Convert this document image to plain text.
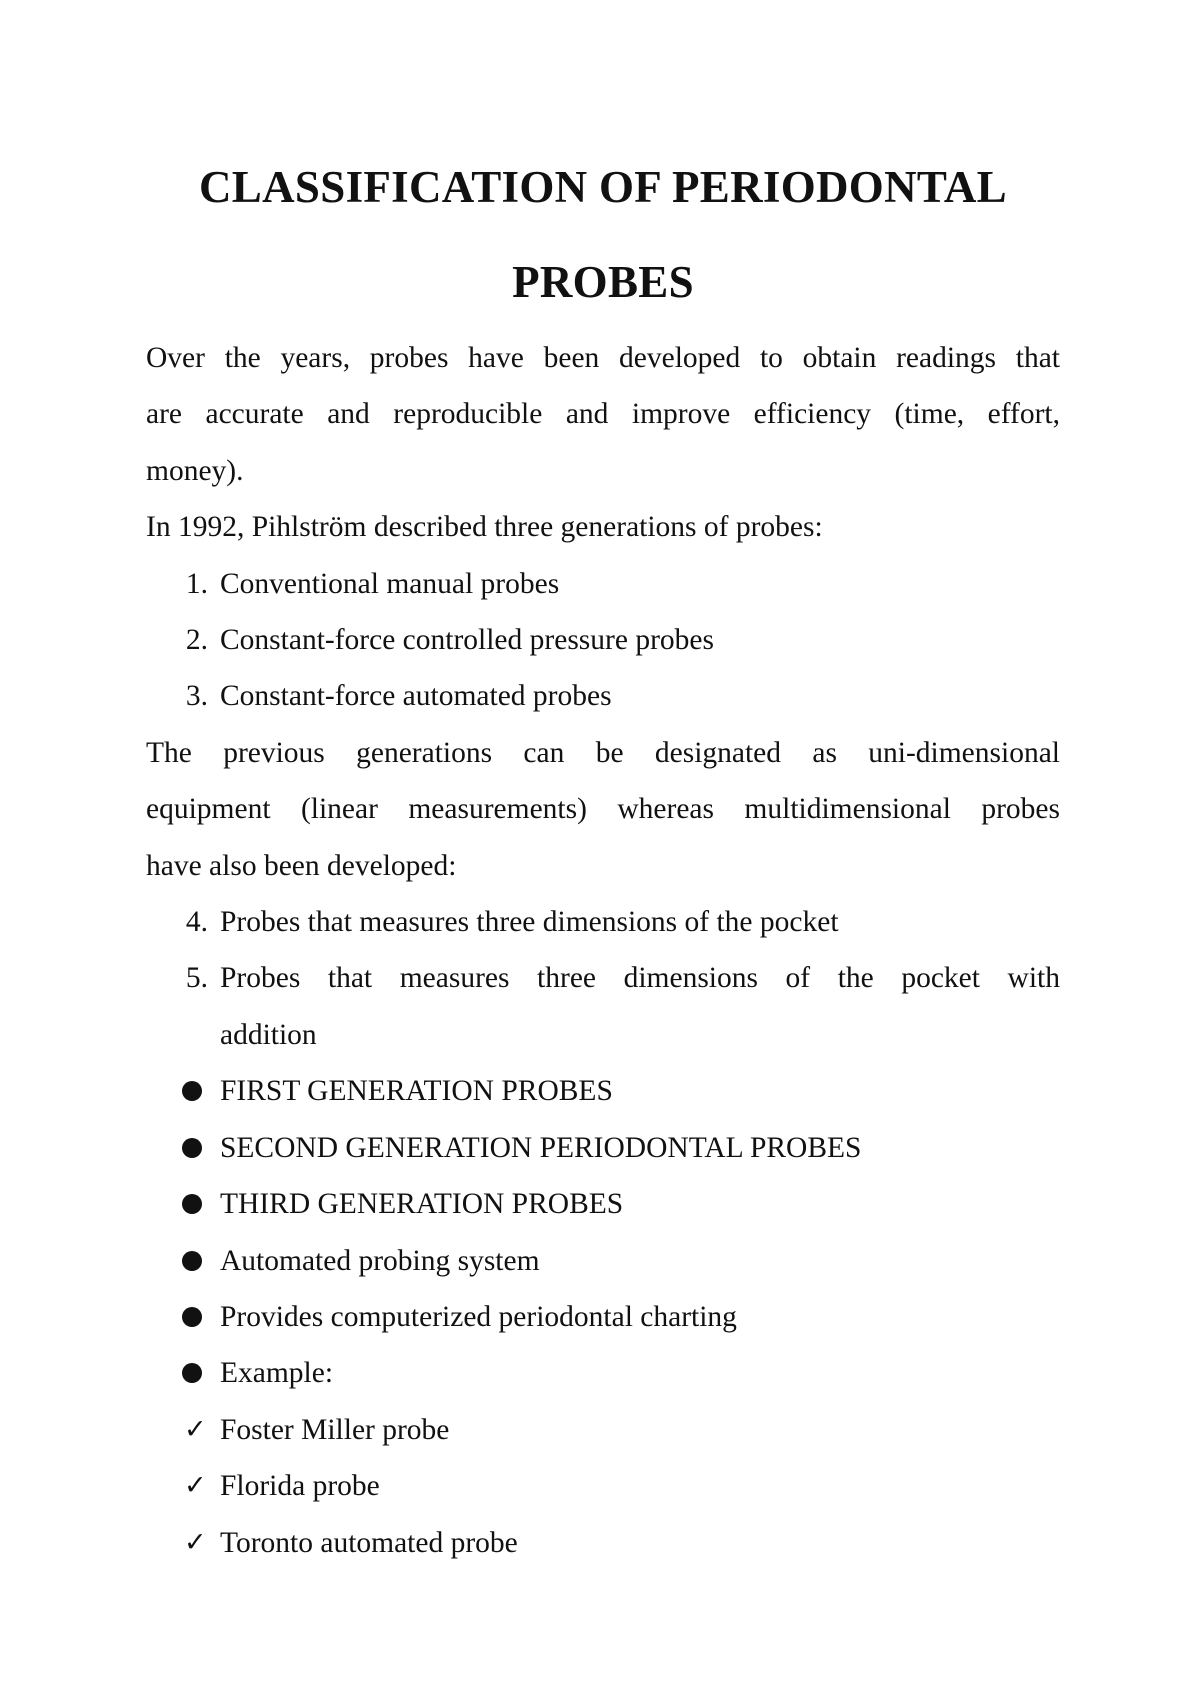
CLASSIFICATION OF PERIODONTAL
PROBES

Over the years, probes have been developed to obtain readings that
are accurate and reproducible and improve efficiency (time, effort,
money).

In 1992, Pihlström described three generations of probes:

1. Conventional manual probes
2. Constant-force controlled pressure probes
3. Constant-force automated probes

The previous generations can be designated as uni-dimensional
equipment (linear measurements) whereas multidimensional probes
have also been developed:

4. Probes that measures three dimensions of the pocket
5. Probes that measures three dimensions of the pocket with
addition
FIRST GENERATION PROBES
SECOND GENERATION PERIODONTAL PROBES
THIRD GENERATION PROBES
Automated probing system
Provides computerized periodontal charting
Example:
✓ Foster Miller probe
✓ Florida probe
✓ Toronto automated probe
